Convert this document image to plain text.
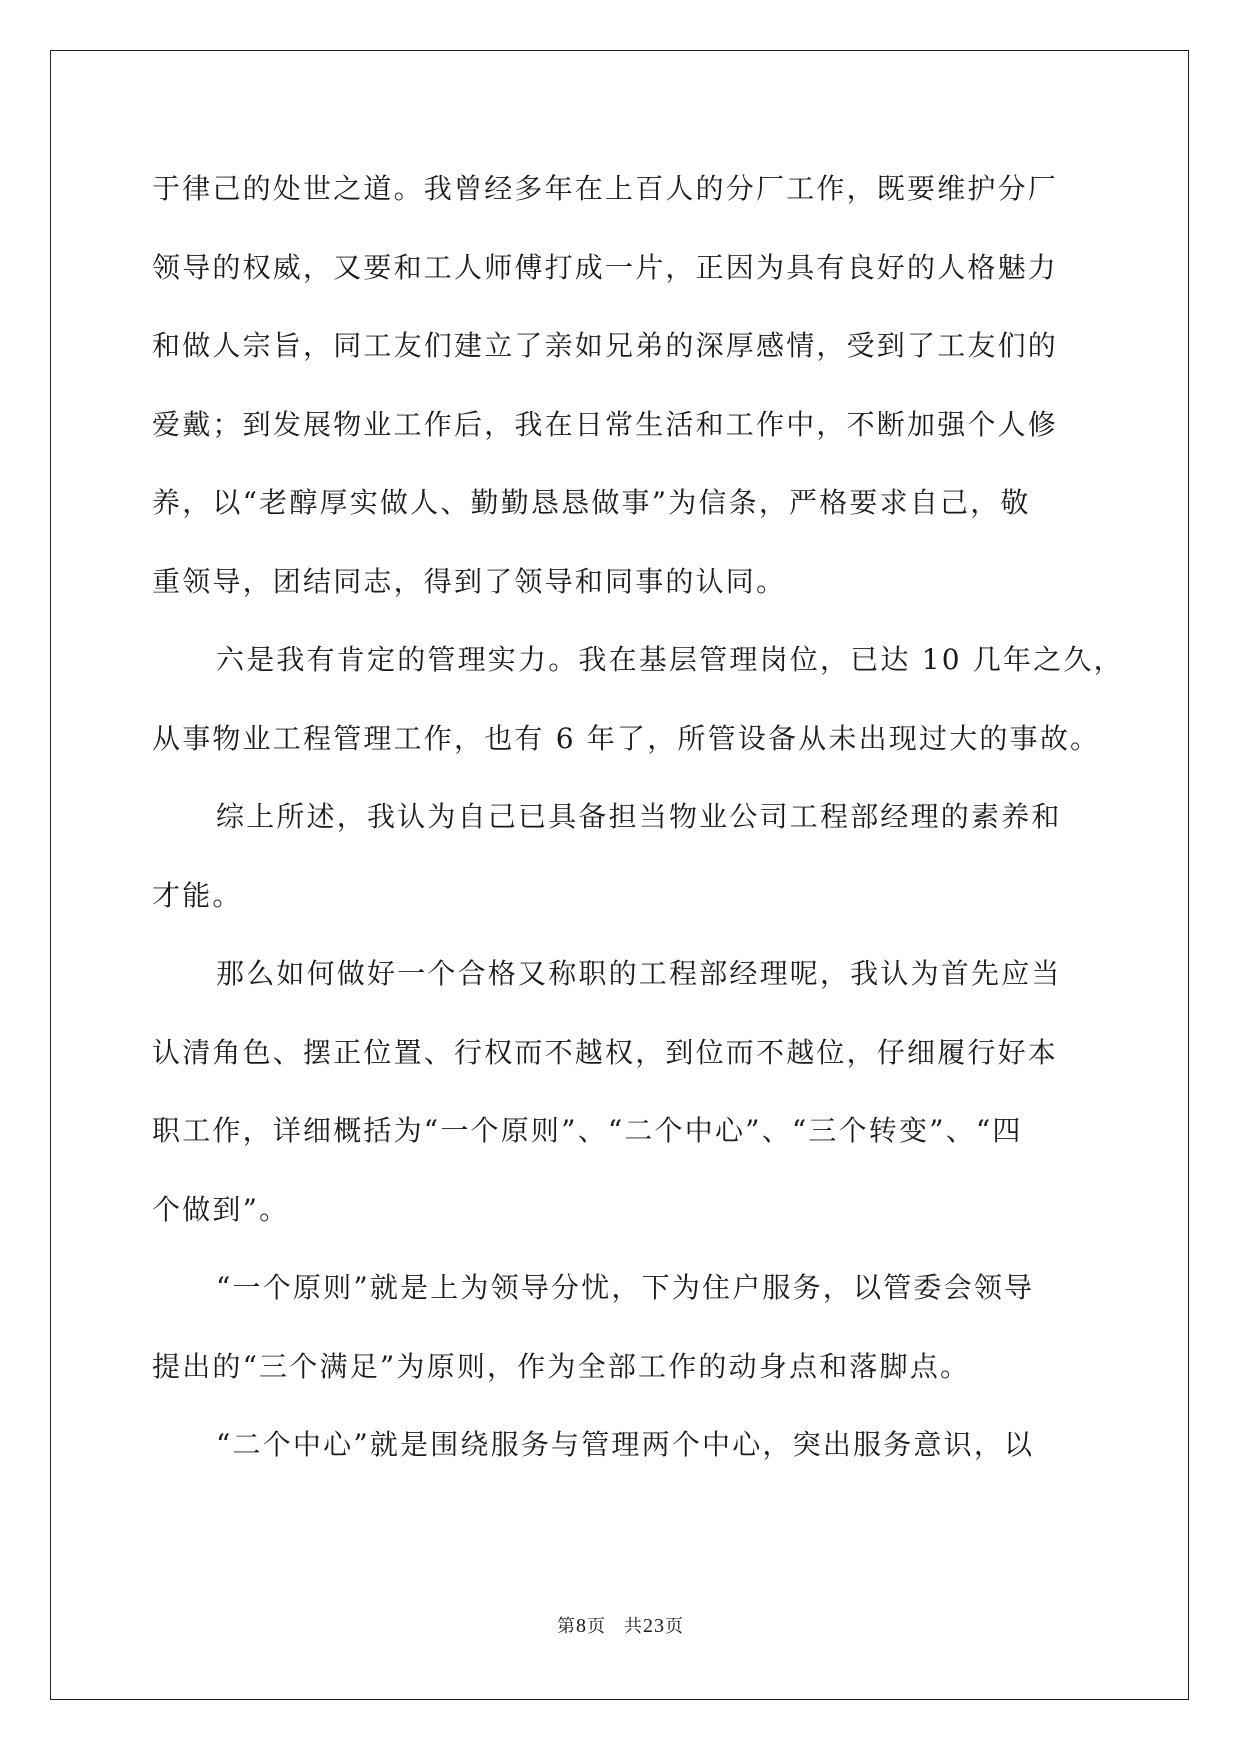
于律己的处世之道。我曾经多年在上百人的分厂工作，既要维护分厂
领导的权威，又要和工人师傅打成一片，正因为具有良好的人格魅力
和做人宗旨，同工友们建立了亲如兄弟的深厚感情，受到了工友们的
爱戴；到发展物业工作后，我在日常生活和工作中，不断加强个人修
养，以“老醇厚实做人、勤勤恳恳做事”为信条，严格要求自己，敬
重领导，团结同志，得到了领导和同事的认同。
六是我有肯定的管理实力。我在基层管理岗位，已达 10 几年之久，
从事物业工程管理工作，也有 6 年了，所管设备从未出现过大的事故。
综上所述，我认为自己已具备担当物业公司工程部经理的素养和
才能。
那么如何做好一个合格又称职的工程部经理呢，我认为首先应当
认清角色、摆正位置、行权而不越权，到位而不越位，仔细履行好本
职工作，详细概括为“一个原则”、“二个中心”、“三个转变”、“四
个做到”。
“一个原则”就是上为领导分忧，下为住户服务，以管委会领导
提出的“三个满足”为原则，作为全部工作的动身点和落脚点。
“二个中心”就是围绕服务与管理两个中心，突出服务意识，以
第8页 共23页
